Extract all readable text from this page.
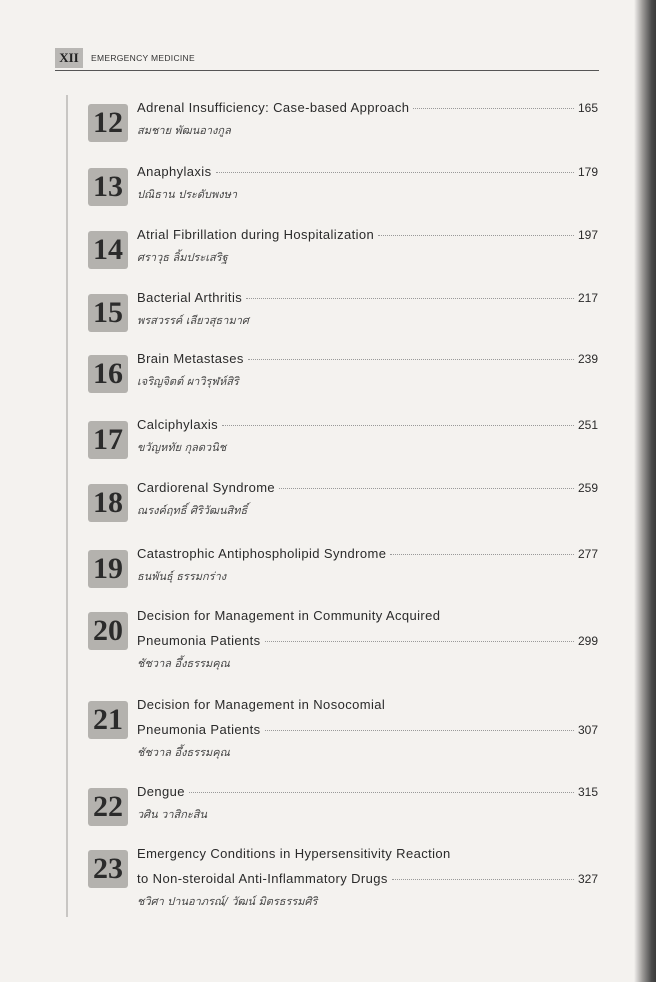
XII	EMERGENCY MEDICINE
12	Adrenal Insufficiency: Case-based Approach	165
สมชาย พัฒนอางกูล
13	Anaphylaxis	179
ปณิธาน ประดับพงษา
14	Atrial Fibrillation during Hospitalization	197
ศราวุธ ลิ้มประเสริฐ
15	Bacterial Arthritis	217
พรสวรรค์ เลียวสุธามาศ
16	Brain Metastases	239
เจริญจิตต์ ผาวิรุฬห์สิริ
17	Calciphylaxis	251
ขวัญหทัย กุลดวนิช
18	Cardiorenal Syndrome	259
ณรงค์ฤทธิ์ ศิริวัฒนสิทธิ์
19	Catastrophic Antiphospholipid Syndrome	277
ธนพันธุ์ ธรรมกร่าง
20	Decision for Management in Community Acquired
Pneumonia Patients	299
ชัชวาล อึ้งธรรมคุณ
21	Decision for Management in Nosocomial
Pneumonia Patients	307
ชัชวาล อึ้งธรรมคุณ
22	Dengue	315
วศิน วาสิกะสิน
23	Emergency Conditions in Hypersensitivity Reaction
to Non-steroidal Anti-Inflammatory Drugs	327
ชวิศา ปานอาภรณ์/ วัฒน์ มิตรธรรมศิริ
